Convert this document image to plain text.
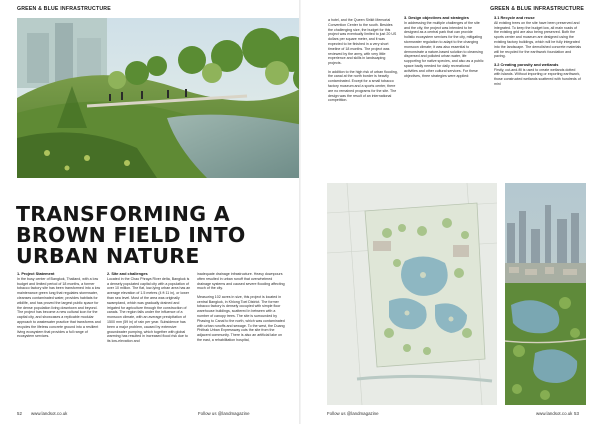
GREEN & BLUE INFRASTRUCTURE
TRANSFORMING A
BROWN FIELD INTO
URBAN NATURE
1. Project Statement

In the busy center of Bangkok, Thailand, with a low budget and limited period of 18 months, a former tobacco factory site has been transformed into a low maintenance green lung that regulates stormwater, cleanses contaminated water, provides habitats for wildlife, and has proved the largest public space for the dense population living downtown and beyond. The project has become a new cultural icon for the capital city, and showcases a replicable modular approach to wastewater practice that transforms and recycles the lifeless concrete ground into a resilient living ecosystem that provides a full range of ecosystem services.

2. Site and challenges

Located in the Chao Phraya River delta, Bangkok is a densely populated capital city with a population of over 10 million. The flat, low-lying urban area has an average elevation of 1.5 metres (4 ft 11 in), or lower than sea level. Most of the area was originally swampland, which was gradually drained and irrigated for agriculture through the construction of canals. The region falls under the influence of a monsoon climate, with an average precipitation of 1500 mm (59 in) of rain per year. Subsidence has been a major problem, caused by extensive groundwater pumping, which together with global warming has resulted in increased flood risk due to its low-elevation and

inadequate drainage infrastructure. Heavy downpours often resulted in urban runoff that overwhelmed drainage systems and caused severe flooding affecting much of the city.

Measuring 102 acres in size, this project is located in central Bangkok, in Khlong Toei District. The former tobacco factory is densely occupied with simple floor warehouse buildings, scattered in between with a number of canopy trees. The site is surrounded by Phasing to Canal to the north, which was contaminated with urban runoffs and sewage. To the west, the Duang Phithak Urban Expressway cuts the site from the adjacent community. There is also an artificial lake on the east, a rehabilitation hospital,

52 www.landsot.co.uk	Follow us @landmagazine
GREEN & BLUE INFRASTRUCTURE

a hotel, and the Queen Sirikit Memorial Convention Center to the south. Besides the challenging size, the budget for this project was eventually limited to just 20 US dollars per square meter, and it was expected to be finished in a very short timeline of 18 months. The project was reviewed by the army, with very little experience and skills in landscaping projects.

In addition to the high risk of urban flooding, the canal at the north border is heavily contaminated. Except for a small tobacco factory museum and a sports center, there are no remained programs for the site. The design was the result of an international competition.

3. Design objectives and strategies

In addressing the multiple challenges of the site and the city, the project was intended to be designed as a central park that can provide holistic ecosystem services for the city, mitigating stormwater regulation to adapt to the changing monsoon climate; it was also essential to demonstrate a nature-based solution to cleansing dispersed and polluted urban water, life supporting for native species, and also as a public space badly needed for daily recreational activities and other cultural services. For these objectives, three strategies were applied:

3.1 Recycle and reuse

All existing trees on the site have been preserved and integrated. To keep the budget low, all main roads of the existing grid are also being preserved. Both the sports center and museum are designed using the existing factory buildings, which will be fully integrated into the landscape. The demolished concrete materials will be recycled for the earthwork foundation and paving.

3.2 Creating porosity and wetlands

Firstly, cut-and-fill is used to create wetlands dotted with islands. Without importing or exporting earthwork, those constructed wetlands scattered with hundreds of mini

Follow us @landmagazine	www.landsot.co.uk 53
